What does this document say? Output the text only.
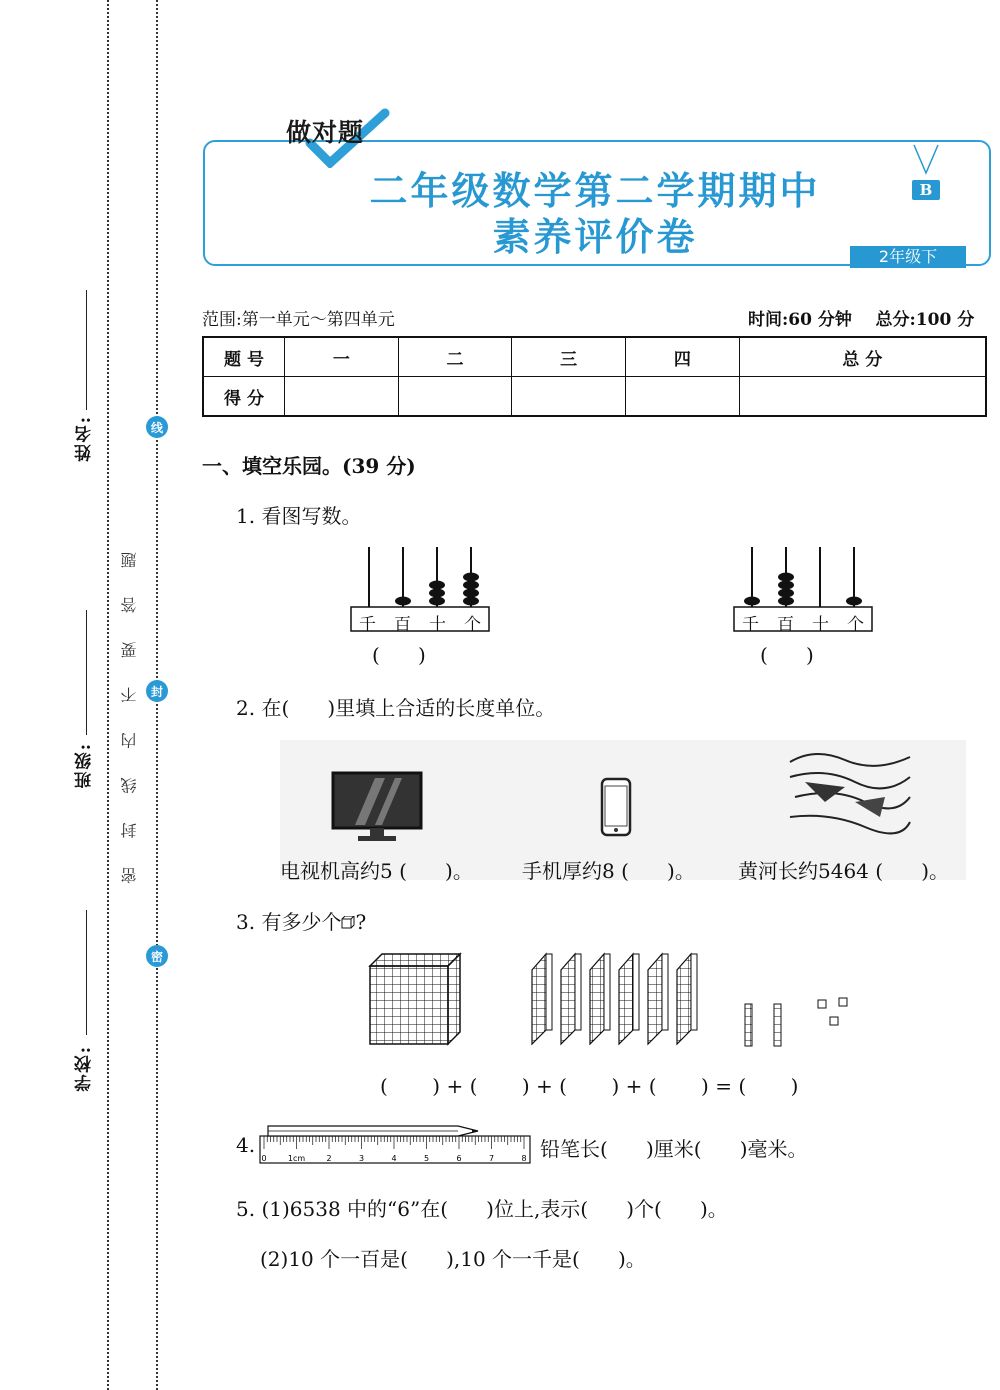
姓名:
班级:
学校:
线
封
密
密 封 线 内 不 要 答 题
做对题
二年级数学第二学期期中
素养评价卷
B
2年级下
范围:第一单元～第四单元	时间:60 分钟    总分:100 分
题 号	一	二	三	四	总 分
得 分					
一、填空乐园。(39 分)
1. 看图写数。
千 百 十 个
(      )
千 百 十 个
(      )
2. 在(      )里填上合适的长度单位。
电视机高约5 (      )。 手机厚约8 (      )。 黄河长约5464 (      )。
3. 有多少个 ?
(       ) + (       ) + (       ) + (       ) = (       )
4.
0	1cm	2	3	4	5	6	7	8 铅笔长(      )厘米(      )毫米。
5. (1)6538 中的“6”在(      )位上,表示(      )个(      )。
(2)10 个一百是(      ),10 个一千是(      )。
